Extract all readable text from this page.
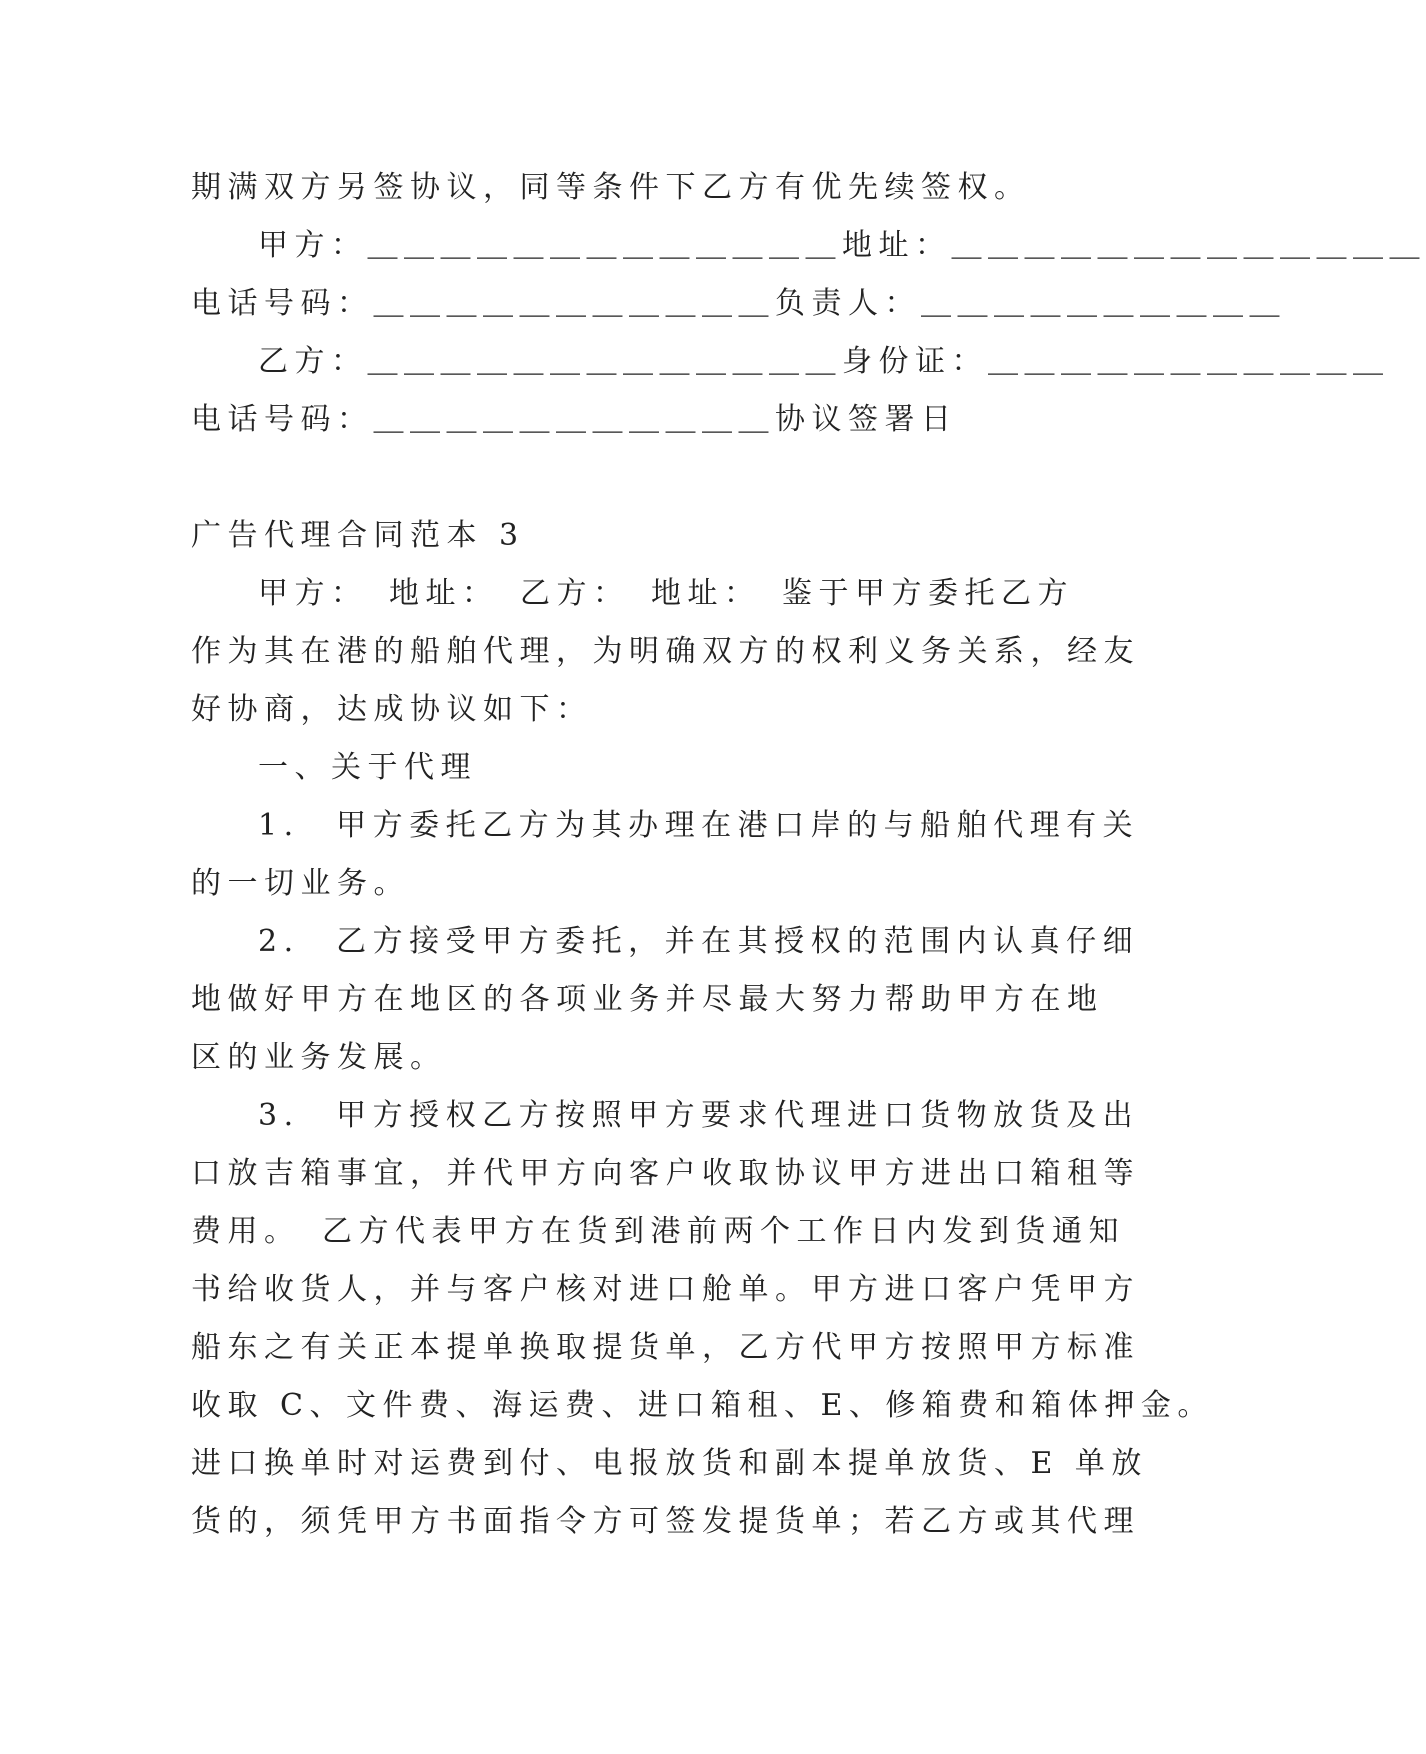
期满双方另签协议，同等条件下乙方有优先续签权。
甲方：＿＿＿＿＿＿＿＿＿＿＿＿＿地址：＿＿＿＿＿＿＿＿＿＿＿＿＿
电话号码：＿＿＿＿＿＿＿＿＿＿＿负责人：＿＿＿＿＿＿＿＿＿＿
乙方：＿＿＿＿＿＿＿＿＿＿＿＿＿身份证：＿＿＿＿＿＿＿＿＿＿＿
电话号码：＿＿＿＿＿＿＿＿＿＿＿协议签署日
广告代理合同范本 3
甲方：　地址：　乙方：　地址：　鉴于甲方委托乙方
作为其在港的船舶代理，为明确双方的权利义务关系，经友
好协商，达成协议如下：
一、关于代理
1.　甲方委托乙方为其办理在港口岸的与船舶代理有关
的一切业务。
2.　乙方接受甲方委托，并在其授权的范围内认真仔细
地做好甲方在地区的各项业务并尽最大努力帮助甲方在地
区的业务发展。
3.　甲方授权乙方按照甲方要求代理进口货物放货及出
口放吉箱事宜，并代甲方向客户收取协议甲方进出口箱租等
费用。　乙方代表甲方在货到港前两个工作日内发到货通知
书给收货人，并与客户核对进口舱单。甲方进口客户凭甲方
船东之有关正本提单换取提货单，乙方代甲方按照甲方标准
收取 C、文件费、海运费、进口箱租、E、修箱费和箱体押金。
进口换单时对运费到付、电报放货和副本提单放货、E 单放
货的，须凭甲方书面指令方可签发提货单；若乙方或其代理
